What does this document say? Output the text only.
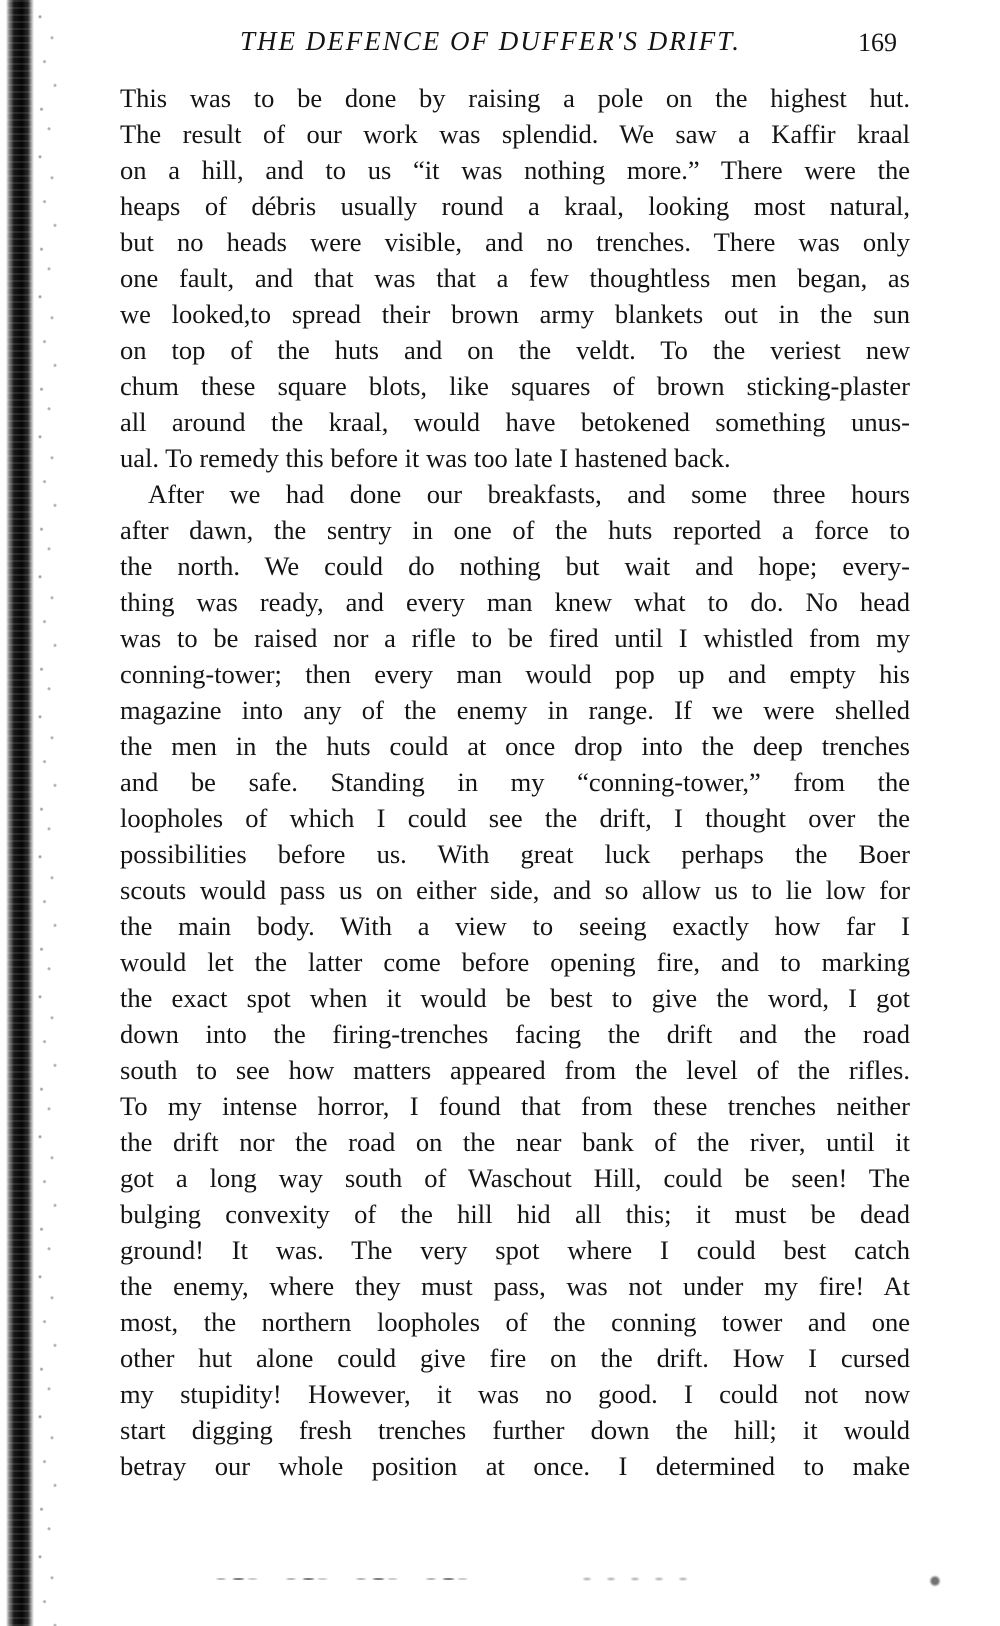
THE DEFENCE OF DUFFER'S DRIFT.	169
This was to be done by raising a pole on the highest hut.
The result of our work was splendid. We saw a Kaffir kraal
on a hill, and to us “it was nothing more.” There were the
heaps of débris usually round a kraal, looking most natural,
but no heads were visible, and no trenches. There was only
one fault, and that was that a few thoughtless men began, as
we looked,to spread their brown army blankets out in the sun
on top of the huts and on the veldt. To the veriest new
chum these square blots, like squares of brown sticking-plaster
all around the kraal, would have betokened something unus-
ual. To remedy this before it was too late I hastened back.
After we had done our breakfasts, and some three hours
after dawn, the sentry in one of the huts reported a force to
the north. We could do nothing but wait and hope; every-
thing was ready, and every man knew what to do. No head
was to be raised nor a rifle to be fired until I whistled from my
conning-tower; then every man would pop up and empty his
magazine into any of the enemy in range. If we were shelled
the men in the huts could at once drop into the deep trenches
and be safe. Standing in my “conning-tower,” from the
loopholes of which I could see the drift, I thought over the
possibilities before us. With great luck perhaps the Boer
scouts would pass us on either side, and so allow us to lie low for
the main body. With a view to seeing exactly how far I
would let the latter come before opening fire, and to marking
the exact spot when it would be best to give the word, I got
down into the firing-trenches facing the drift and the road
south to see how matters appeared from the level of the rifles.
To my intense horror, I found that from these trenches neither
the drift nor the road on the near bank of the river, until it
got a long way south of Waschout Hill, could be seen! The
bulging convexity of the hill hid all this; it must be dead
ground! It was. The very spot where I could best catch
the enemy, where they must pass, was not under my fire! At
most, the northern loopholes of the conning tower and one
other hut alone could give fire on the drift. How I cursed
my stupidity! However, it was no good. I could not now
start digging fresh trenches further down the hill; it would
betray our whole position at once. I determined to make
